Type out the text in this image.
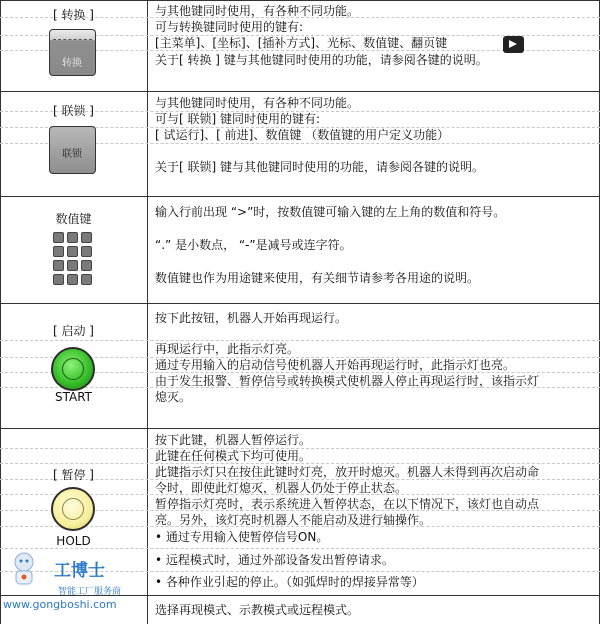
[ 转换 ]
转换
与其他键同时使用，有各种不同功能。
可与转换键同时使用的键有:
[主菜单]、[坐标]、[插补方式]、光标、数值键、翻页键
关于[ 转换 ] 键与其他键同时使用的功能，请参阅各键的说明。
[ 联锁 ]
联锁
与其他键同时使用，有各种不同功能。
可与[ 联锁] 键同时使用的键有:
[ 试运行]、[ 前进]、数值键 （数值键的用户定义功能）
关于[ 联锁] 键与其他键同时使用的功能，请参阅各键的说明。
数值键	输入行前出现 “>”时，按数值键可输入键的左上角的数值和符号。
“.” 是小数点， “-”是减号或连字符。
数值键也作为用途键来使用，有关细节请参考各用途的说明。
[ 启动 ]
START
按下此按钮，机器人开始再现运行。
再现运行中，此指示灯亮。
通过专用输入的启动信号使机器人开始再现运行时，此指示灯也亮。
由于发生报警、暂停信号或转换模式使机器人停止再现运行时，该指示灯
熄灭。
[ 暂停 ]
HOLD
按下此键，机器人暂停运行。
此键在任何模式下均可使用。
此键指示灯只在按住此键时灯亮，放开时熄灭。机器人未得到再次启动命
令时，即使此灯熄灭，机器人仍处于停止状态。
暂停指示灯亮时，表示系统进入暂停状态，在以下情况下，该灯也自动点
亮。另外，该灯亮时机器人不能启动及进行轴操作。
• 通过专用输入使暂停信号ON。
• 远程模式时，通过外部设备发出暂停请求。
• 各种作业引起的停止。（如弧焊时的焊接异常等）
选择再现模式、示教模式或远程模式。
工博士
智能工厂服务商
www.gongboshi.com
